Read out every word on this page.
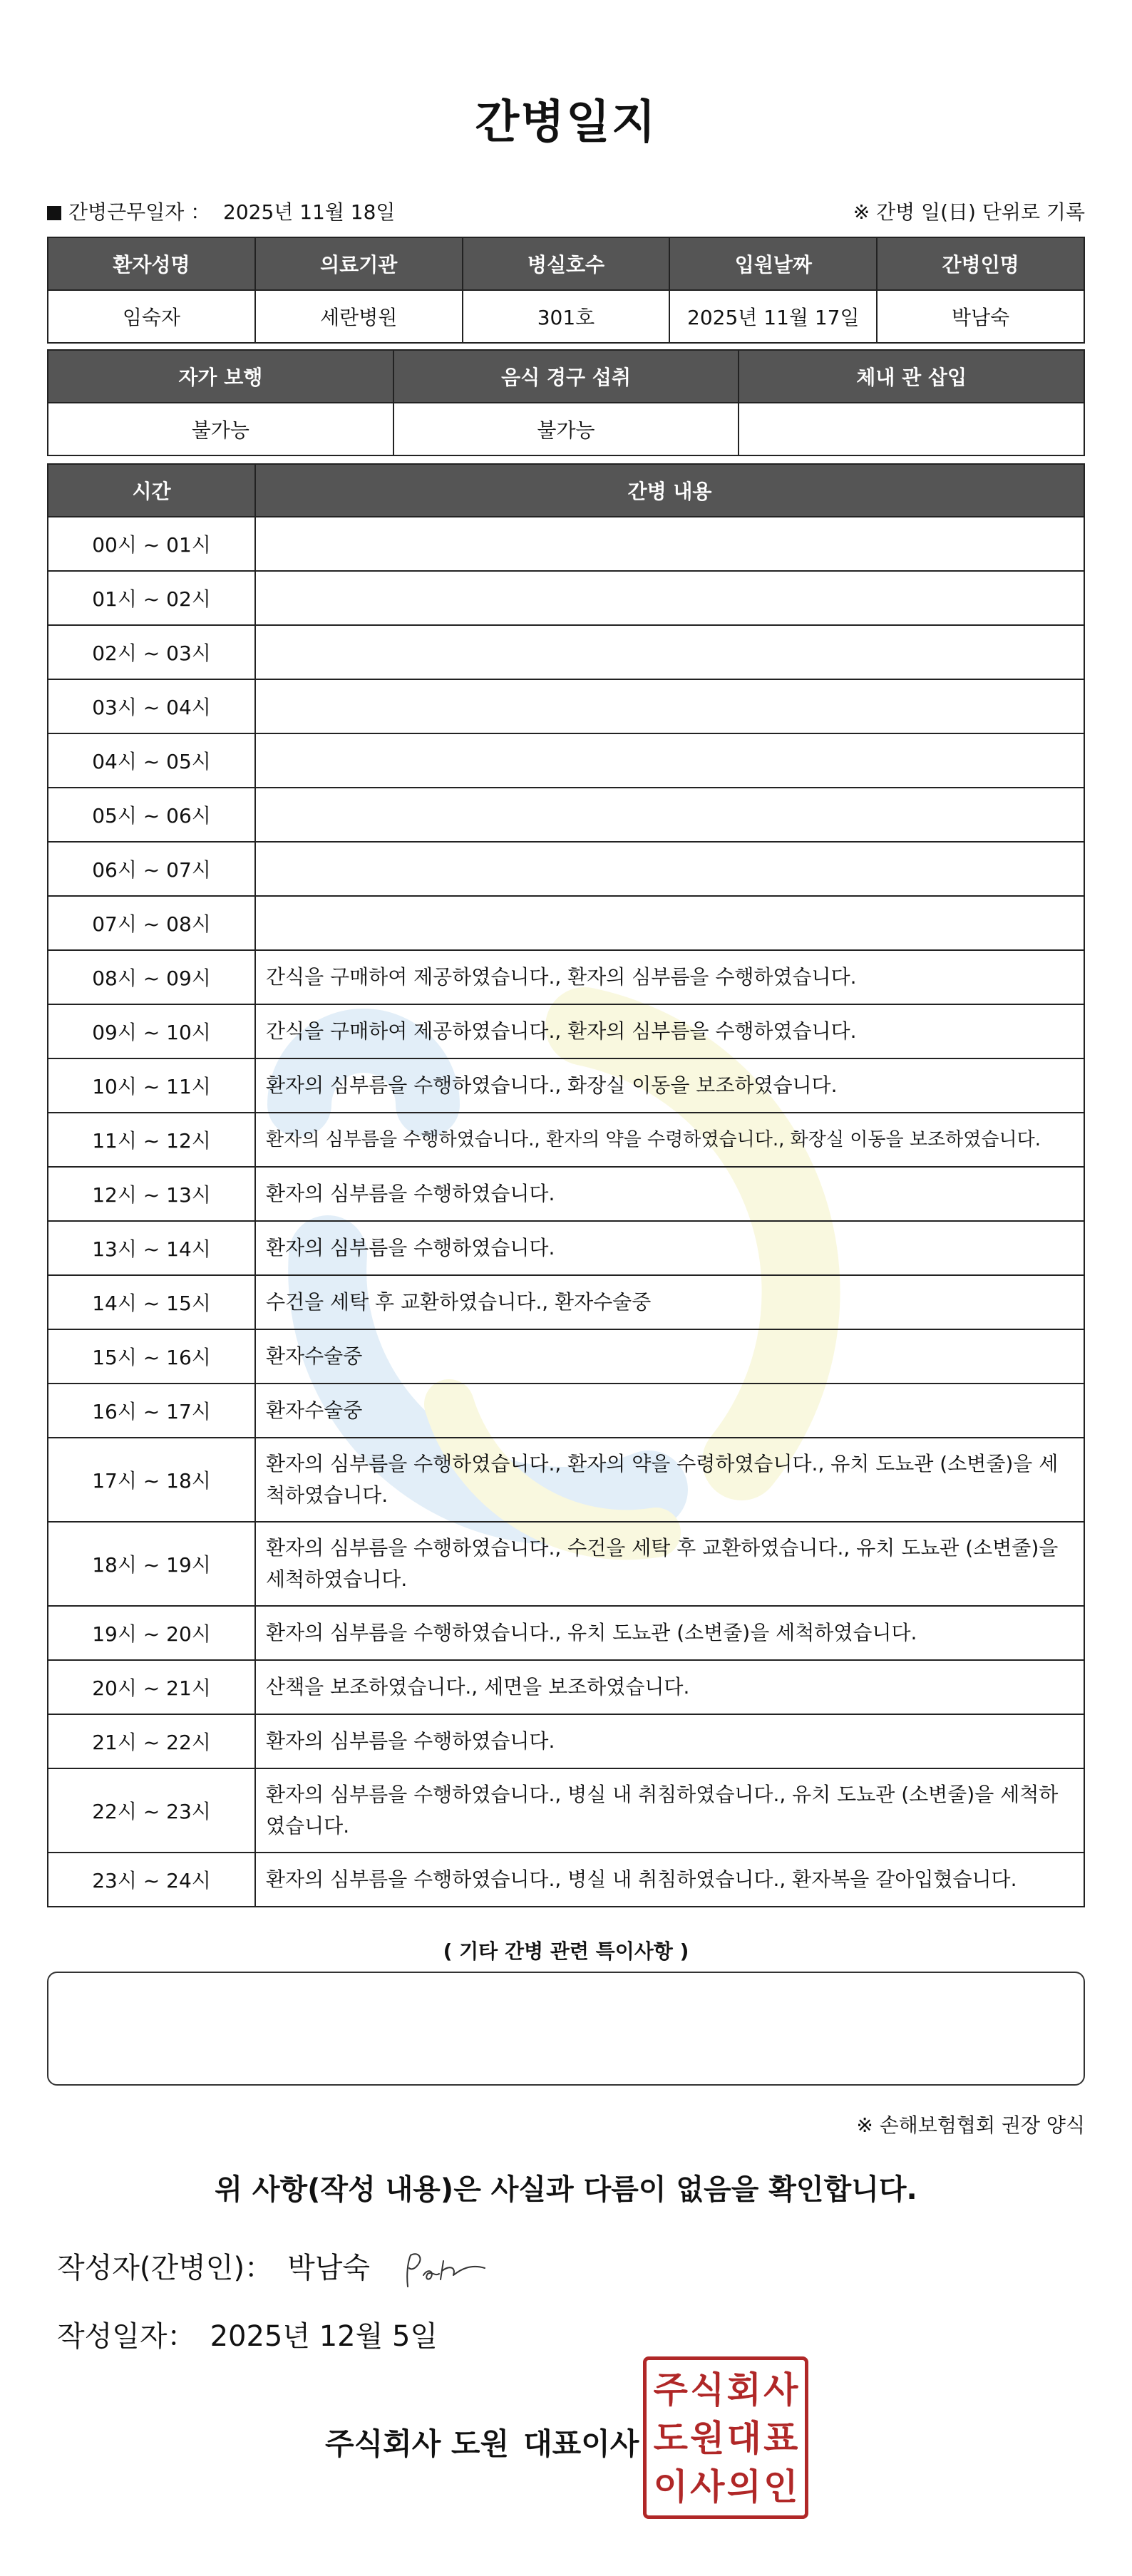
간병일지
간병근무일자 ： 2025년 11월 18일	※ 간병 일(日) 단위로 기록
환자성명	의료기관	병실호수	입원날짜	간병인명
임숙자	세란병원	301호	2025년 11월 17일	박남숙
자가 보행	음식 경구 섭취	체내 관 삽입
불가능	불가능	
시간	간병 내용
00시 ~ 01시	
01시 ~ 02시	
02시 ~ 03시	
03시 ~ 04시	
04시 ~ 05시	
05시 ~ 06시	
06시 ~ 07시	
07시 ~ 08시	
08시 ~ 09시	간식을 구매하여 제공하였습니다., 환자의 심부름을 수행하였습니다.
09시 ~ 10시	간식을 구매하여 제공하였습니다., 환자의 심부름을 수행하였습니다.
10시 ~ 11시	환자의 심부름을 수행하였습니다., 화장실 이동을 보조하였습니다.
11시 ~ 12시	환자의 심부름을 수행하였습니다., 환자의 약을 수령하였습니다., 화장실 이동을 보조하였습니다.
12시 ~ 13시	환자의 심부름을 수행하였습니다.
13시 ~ 14시	환자의 심부름을 수행하였습니다.
14시 ~ 15시	수건을 세탁 후 교환하였습니다., 환자수술중
15시 ~ 16시	환자수술중
16시 ~ 17시	환자수술중
17시 ~ 18시	환자의 심부름을 수행하였습니다., 환자의 약을 수령하였습니다., 유치 도뇨관 (소변줄)을 세척하였습니다.
18시 ~ 19시	환자의 심부름을 수행하였습니다., 수건을 세탁 후 교환하였습니다., 유치 도뇨관 (소변줄)을 세척하였습니다.
19시 ~ 20시	환자의 심부름을 수행하였습니다., 유치 도뇨관 (소변줄)을 세척하였습니다.
20시 ~ 21시	산책을 보조하였습니다., 세면을 보조하였습니다.
21시 ~ 22시	환자의 심부름을 수행하였습니다.
22시 ~ 23시	환자의 심부름을 수행하였습니다., 병실 내 취침하였습니다., 유치 도뇨관 (소변줄)을 세척하였습니다.
23시 ~ 24시	환자의 심부름을 수행하였습니다., 병실 내 취침하였습니다., 환자복을 갈아입혔습니다.
( 기타 간병 관련 특이사항 )
※ 손해보험협회 권장 양식
위 사항(작성 내용)은 사실과 다름이 없음을 확인합니다.
작성자(간병인)： 박남숙
작성일자： 2025년 12월 5일
주식회사 도원 대표이사
주 식 회 사
도 원 대 표
이 사 의 인
